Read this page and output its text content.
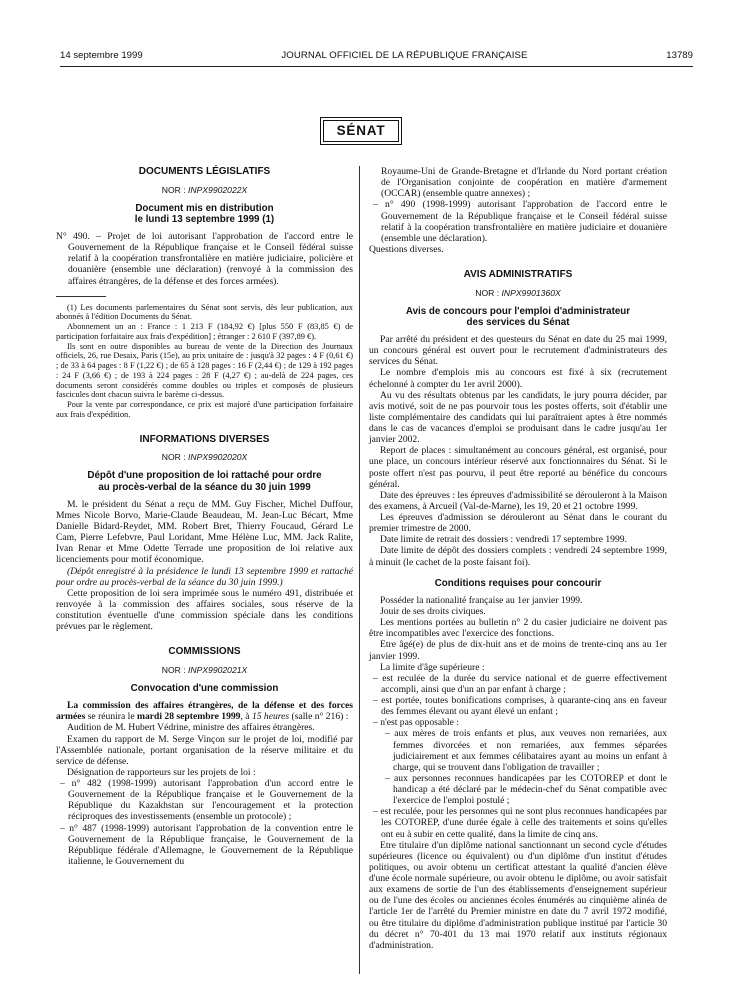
14 septembre 1999	JOURNAL OFFICIEL DE LA RÉPUBLIQUE FRANÇAISE	13789
SÉNAT
DOCUMENTS LÉGISLATIFS
NOR : INPX9902022X
Document mis en distribution
le lundi 13 septembre 1999 (1)

N° 490. – Projet de loi autorisant l'approbation de l'accord entre le Gouvernement de la République française et le Conseil fédéral suisse relatif à la coopération transfrontalière en matière judiciaire, policière et douanière (ensemble une déclaration) (renvoyé à la commission des affaires étrangères, de la défense et des forces armées).

(1) Les documents parlementaires du Sénat sont servis, dès leur publication, aux abonnés à l'édition Documents du Sénat.

Abonnement un an : France : 1 213 F (184,92 €) [plus 550 F (83,85 €) de participation forfaitaire aux frais d'expédition] ; étranger : 2 610 F (397,89 €).

Ils sont en outre disponibles au bureau de vente de la Direction des Journaux officiels, 26, rue Desaix, Paris (15e), au prix unitaire de : jusqu'à 32 pages : 4 F (0,61 €) ; de 33 à 64 pages : 8 F (1,22 €) ; de 65 à 128 pages : 16 F (2,44 €) ; de 129 à 192 pages : 24 F (3,66 €) ; de 193 à 224 pages : 28 F (4,27 €) ; au-delà de 224 pages, ces documents seront considérés comme doubles ou triples et composés de plusieurs fascicules dont chacun suivra le barème ci-dessus.

Pour la vente par correspondance, ce prix est majoré d'une participation forfaitaire aux frais d'expédition.

INFORMATIONS DIVERSES
NOR : INPX9902020X
Dépôt d'une proposition de loi rattaché pour ordre
au procès-verbal de la séance du 30 juin 1999

M. le président du Sénat a reçu de MM. Guy Fischer, Michel Duffour, Mmes Nicole Borvo, Marie-Claude Beaudeau, M. Jean-Luc Bécart, Mme Danielle Bidard-Reydet, MM. Robert Bret, Thierry Foucaud, Gérard Le Cam, Pierre Lefebvre, Paul Loridant, Mme Hélène Luc, MM. Jack Ralite, Ivan Renar et Mme Odette Terrade une proposition de loi relative aux licenciements pour motif économique.

(Dépôt enregistré à la présidence le lundi 13 septembre 1999 et rattaché pour ordre au procès-verbal de la séance du 30 juin 1999.)

Cette proposition de loi sera imprimée sous le numéro 491, distribuée et renvoyée à la commission des affaires sociales, sous réserve de la constitution éventuelle d'une commission spéciale dans les conditions prévues par le règlement.

COMMISSIONS
NOR : INPX9902021X
Convocation d'une commission

La commission des affaires étrangères, de la défense et des forces armées se réunira le mardi 28 septembre 1999, à 15 heures (salle n° 216) :

Audition de M. Hubert Védrine, ministre des affaires étrangères.

Examen du rapport de M. Serge Vinçon sur le projet de loi, modifié par l'Assemblée nationale, portant organisation de la réserve militaire et du service de défense.

Désignation de rapporteurs sur les projets de loi :

– n° 482 (1998-1999) autorisant l'approbation d'un accord entre le Gouvernement de la République française et le Gouvernement de la République du Kazakhstan sur l'encouragement et la protection réciproques des investissements (ensemble un protocole) ;

– n° 487 (1998-1999) autorisant l'approbation de la convention entre le Gouvernement de la République française, le Gouvernement de la République fédérale d'Allemagne, le Gouvernement de la République italienne, le Gouvernement du

Royaume-Uni de Grande-Bretagne et d'Irlande du Nord portant création de l'Organisation conjointe de coopération en matière d'armement (OCCAR) (ensemble quatre annexes) ;

– n° 490 (1998-1999) autorisant l'approbation de l'accord entre le Gouvernement de la République française et le Conseil fédéral suisse relatif à la coopération transfrontalière en matière judiciaire et douanière (ensemble une déclaration).

Questions diverses.

AVIS ADMINISTRATIFS
NOR : INPX9901360X
Avis de concours pour l'emploi d'administrateur
des services du Sénat

Par arrêté du président et des questeurs du Sénat en date du 25 mai 1999, un concours général est ouvert pour le recrutement d'administrateurs des services du Sénat.

Le nombre d'emplois mis au concours est fixé à six (recrutement échelonné à compter du 1er avril 2000).

Au vu des résultats obtenus par les candidats, le jury pourra décider, par avis motivé, soit de ne pas pourvoir tous les postes offerts, soit d'établir une liste complémentaire des candidats qui lui paraîtraient aptes à être nommés dans le cas de vacances d'emploi se produisant dans le cadre jusqu'au 1er janvier 2002.

Report de places : simultanément au concours général, est organisé, pour une place, un concours intérieur réservé aux fonctionnaires du Sénat. Si le poste offert n'est pas pourvu, il peut être reporté au bénéfice du concours général.

Date des épreuves : les épreuves d'admissibilité se dérouleront à la Maison des examens, à Arcueil (Val-de-Marne), les 19, 20 et 21 octobre 1999.

Les épreuves d'admission se dérouleront au Sénat dans le courant du premier trimestre de 2000.

Date limite de retrait des dossiers : vendredi 17 septembre 1999.

Date limite de dépôt des dossiers complets : vendredi 24 septembre 1999, à minuit (le cachet de la poste faisant foi).

Conditions requises pour concourir

Posséder la nationalité française au 1er janvier 1999.

Jouir de ses droits civiques.

Les mentions portées au bulletin n° 2 du casier judiciaire ne doivent pas être incompatibles avec l'exercice des fonctions.

Etre âgé(e) de plus de dix-huit ans et de moins de trente-cinq ans au 1er janvier 1999.

La limite d'âge supérieure :

– est reculée de la durée du service national et de guerre effectivement accompli, ainsi que d'un an par enfant à charge ;

– est portée, toutes bonifications comprises, à quarante-cinq ans en faveur des femmes élevant ou ayant élevé un enfant ;

– n'est pas opposable :

– aux mères de trois enfants et plus, aux veuves non remariées, aux femmes divorcées et non remariées, aux femmes séparées judiciairement et aux femmes célibataires ayant au moins un enfant à charge, qui se trouvent dans l'obligation de travailler ;

– aux personnes reconnues handicapées par les COTOREP et dont le handicap a été déclaré par le médecin-chef du Sénat compatible avec l'exercice de l'emploi postulé ;

– est reculée, pour les personnes qui ne sont plus reconnues handicapées par les COTOREP, d'une durée égale à celle des traitements et soins qu'elles ont eu à subir en cette qualité, dans la limite de cinq ans.

Etre titulaire d'un diplôme national sanctionnant un second cycle d'études supérieures (licence ou équivalent) ou d'un diplôme d'un institut d'études politiques, ou avoir obtenu un certificat attestant la qualité d'ancien élève d'une école normale supérieure, ou avoir obtenu le diplôme, ou avoir satisfait aux examens de sortie de l'un des établissements d'enseignement supérieur ou de l'une des écoles ou anciennes écoles énumérés au cinquième alinéa de l'article 1er de l'arrêté du Premier ministre en date du 7 avril 1972 modifié, ou être titulaire du diplôme d'administration publique institué par l'article 30 du décret n° 70-401 du 13 mai 1970 relatif aux instituts régionaux d'administration.
